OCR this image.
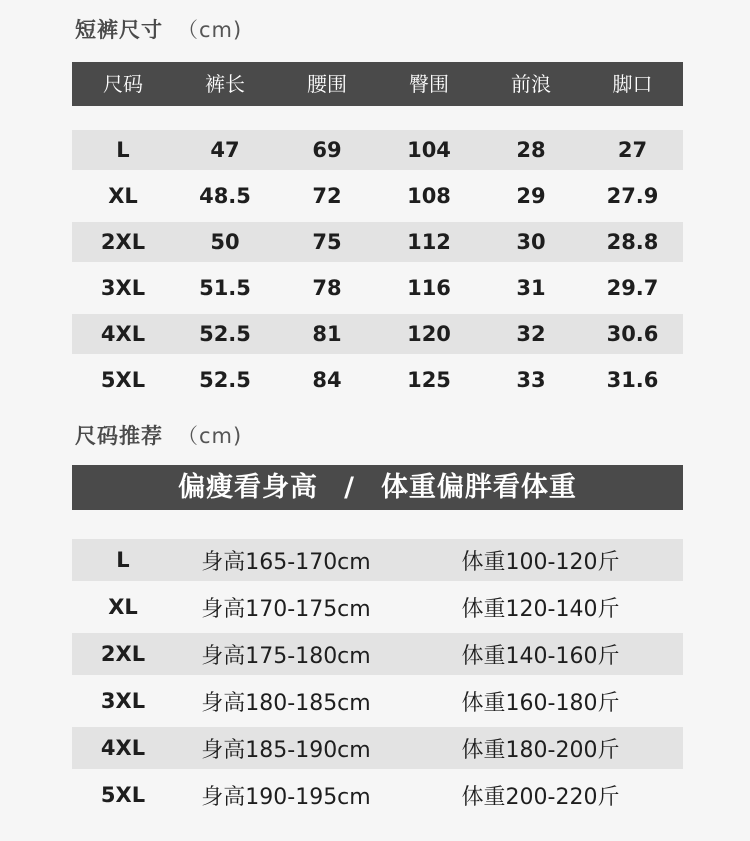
短裤尺寸 （cm)
尺码	裤长	腰围	臀围	前浪	脚口
L	47	69	104	28	27
XL	48.5	72	108	29	27.9
2XL	50	75	112	30	28.8
3XL	51.5	78	116	31	29.7
4XL	52.5	81	120	32	30.6
5XL	52.5	84	125	33	31.6
尺码推荐 （cm)
偏瘦看身高 / 体重偏胖看体重
L	身高165-170cm	体重100-120斤
XL	身高170-175cm	体重120-140斤
2XL	身高175-180cm	体重140-160斤
3XL	身高180-185cm	体重160-180斤
4XL	身高185-190cm	体重180-200斤
5XL	身高190-195cm	体重200-220斤
